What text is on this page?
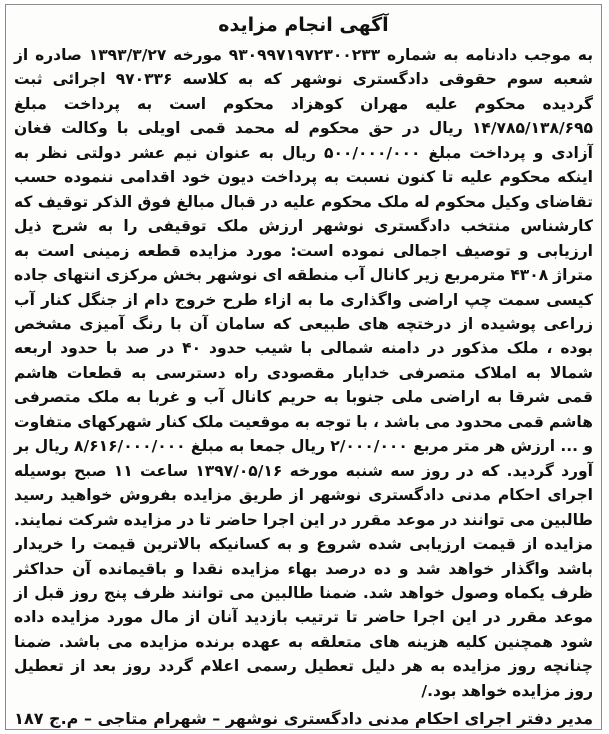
آگهی انجام مزایده

به موجب دادنامه به شماره ۹۳۰۹۹۷۱۹۷۲۳۰۰۲۳۳ مورخه ۱۳۹۳/۳/۲۷ صادره از شعبه سوم حقوقی دادگستری نوشهر که به کلاسه ۹۷۰۳۳۶ اجرائی ثبت گردیده محکوم علیه مهران کوهزاد محکوم است به پرداخت مبلغ ۱۴/۷۸۵/۱۳۸/۶۹۵ ریال در حق محکوم له محمد قمی اویلی با وکالت فغان آزادی و پرداخت مبلغ ۵۰۰/۰۰۰/۰۰۰ ریال به عنوان نیم عشر دولتی نظر به اینکه محکوم علیه تا کنون نسبت به پرداخت دیون خود اقدامی ننموده حسب تقاضای وکیل محکوم له ملک محکوم علیه در قبال مبالغ فوق الذکر توقیف که کارشناس منتخب دادگستری نوشهر ارزش ملک توقیفی را به شرح ذیل ارزیابی و توصیف اجمالی نموده است: مورد مزایده قطعه زمینی است به متراژ ۴۳۰۸ مترمربع زیر کانال آب منطقه ای نوشهر بخش مرکزی انتهای جاده کیسی سمت چپ اراضی واگذاری ما به ازاء طرح خروج دام از جنگل کنار آب زراعی پوشیده از درختچه های طبیعی که سامان آن با رنگ آمیزی مشخص بوده ، ملک مذکور در دامنه شمالی با شیب حدود ۴۰ در صد با حدود اربعه شمالا به املاک متصرفی خدایار مقصودی راه دسترسی به قطعات هاشم قمی شرقا به اراضی ملی جنوبا به حریم کانال آب و غربا به ملک متصرفی هاشم قمی محدود می باشد ، با توجه به موقعیت ملک کنار شهرکهای متفاوت و ... ارزش هر متر مربع ۲/۰۰۰/۰۰۰ ریال جمعا به مبلغ ۸/۶۱۶/۰۰۰/۰۰۰ ریال بر آورد گردید. که در روز سه شنبه مورخه ۱۳۹۷/۰۵/۱۶ ساعت ۱۱ صبح بوسیله اجرای احکام مدنی دادگستری نوشهر از طریق مزایده بفروش خواهید رسید طالبین می توانند در موعد مقرر در این اجرا حاضر تا در مزایده شرکت نمایند. مزایده از قیمت ارزیابی شده شروع و به کسانیکه بالاترین قیمت را خریدار باشد واگذار خواهد شد و ده درصد بهاء مزایده نقدا و باقیمانده آن حداکثر ظرف یکماه وصول خواهد شد. ضمنا طالبین می توانند ظرف پنج روز قبل از موعد مقرر در این اجرا حاضر تا ترتیب بازدید آنان از مال مورد مزایده داده شود همچنین کلیه هزینه های متعلقه به عهده برنده مزایده می باشد. ضمنا چنانچه روز مزایده به هر دلیل تعطیل رسمی اعلام گردد روز بعد از تعطیل روز مزایده خواهد بود./

مدیر دفتر اجرای احکام مدنی دادگستری نوشهر – شهرام متاجی – م.ج ۱۸۷
